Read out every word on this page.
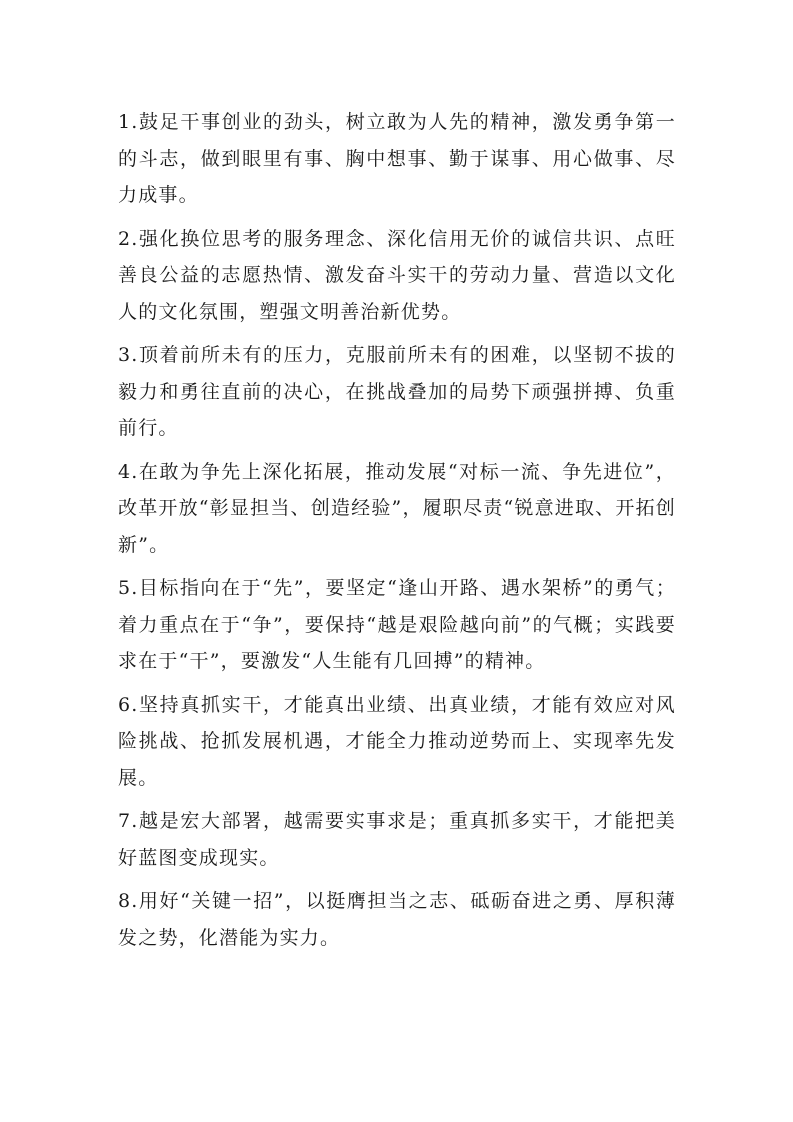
1.鼓足干事创业的劲头，树立敢为人先的精神，激发勇争第一的斗志，做到眼里有事、胸中想事、勤于谋事、用心做事、尽力成事。

2.强化换位思考的服务理念、深化信用无价的诚信共识、点旺善良公益的志愿热情、激发奋斗实干的劳动力量、营造以文化人的文化氛围，塑强文明善治新优势。

3.顶着前所未有的压力，克服前所未有的困难，以坚韧不拔的毅力和勇往直前的决心，在挑战叠加的局势下顽强拼搏、负重前行。

4.在敢为争先上深化拓展，推动发展“对标一流、争先进位”，改革开放“彰显担当、创造经验”，履职尽责“锐意进取、开拓创新”。

5.目标指向在于“先”，要坚定“逢山开路、遇水架桥”的勇气；着力重点在于“争”，要保持“越是艰险越向前”的气概；实践要求在于“干”，要激发“人生能有几回搏”的精神。

6.坚持真抓实干，才能真出业绩、出真业绩，才能有效应对风险挑战、抢抓发展机遇，才能全力推动逆势而上、实现率先发展。

7.越是宏大部署，越需要实事求是；重真抓多实干，才能把美好蓝图变成现实。

8.用好“关键一招”，以挺膺担当之志、砥砺奋进之勇、厚积薄发之势，化潜能为实力。
